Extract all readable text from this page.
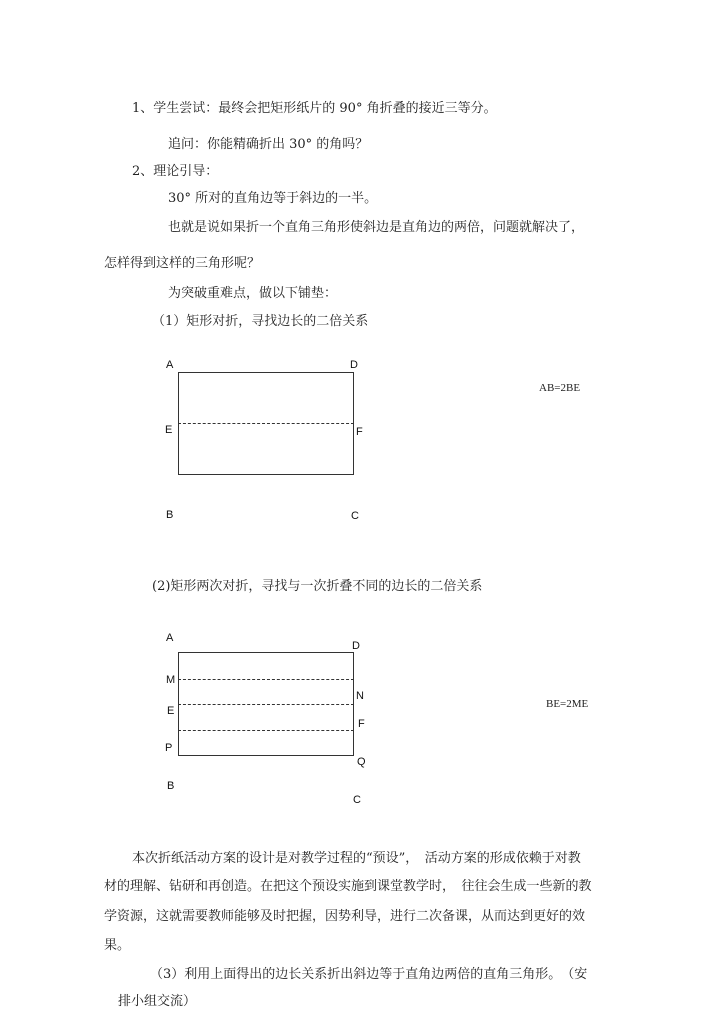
1、学生尝试：最终会把矩形纸片的 90° 角折叠的接近三等分。
追问：你能精确折出 30° 的角吗？
2、理论引导：
30° 所对的直角边等于斜边的一半。
也就是说如果折一个直角三角形使斜边是直角边的两倍，问题就解决了，
怎样得到这样的三角形呢？
为突破重难点，做以下铺垫：
（1）矩形对折，寻找边长的二倍关系
A	D
E	F
B	C
AB=2BE
(2)矩形两次对折，寻找与一次折叠不同的边长的二倍关系
A
D
M
N
E
F
P
Q
B
C
BE=2ME
本次折纸活动方案的设计是对教学过程的“预设”，　活动方案的形成依赖于对教
材的理解、钻研和再创造。在把这个预设实施到课堂教学时，　往往会生成一些新的教
学资源，这就需要教师能够及时把握，因势利导，进行二次备课，从而达到更好的效
果。
（3）利用上面得出的边长关系折出斜边等于直角边两倍的直角三角形。　（安
排小组交流）
